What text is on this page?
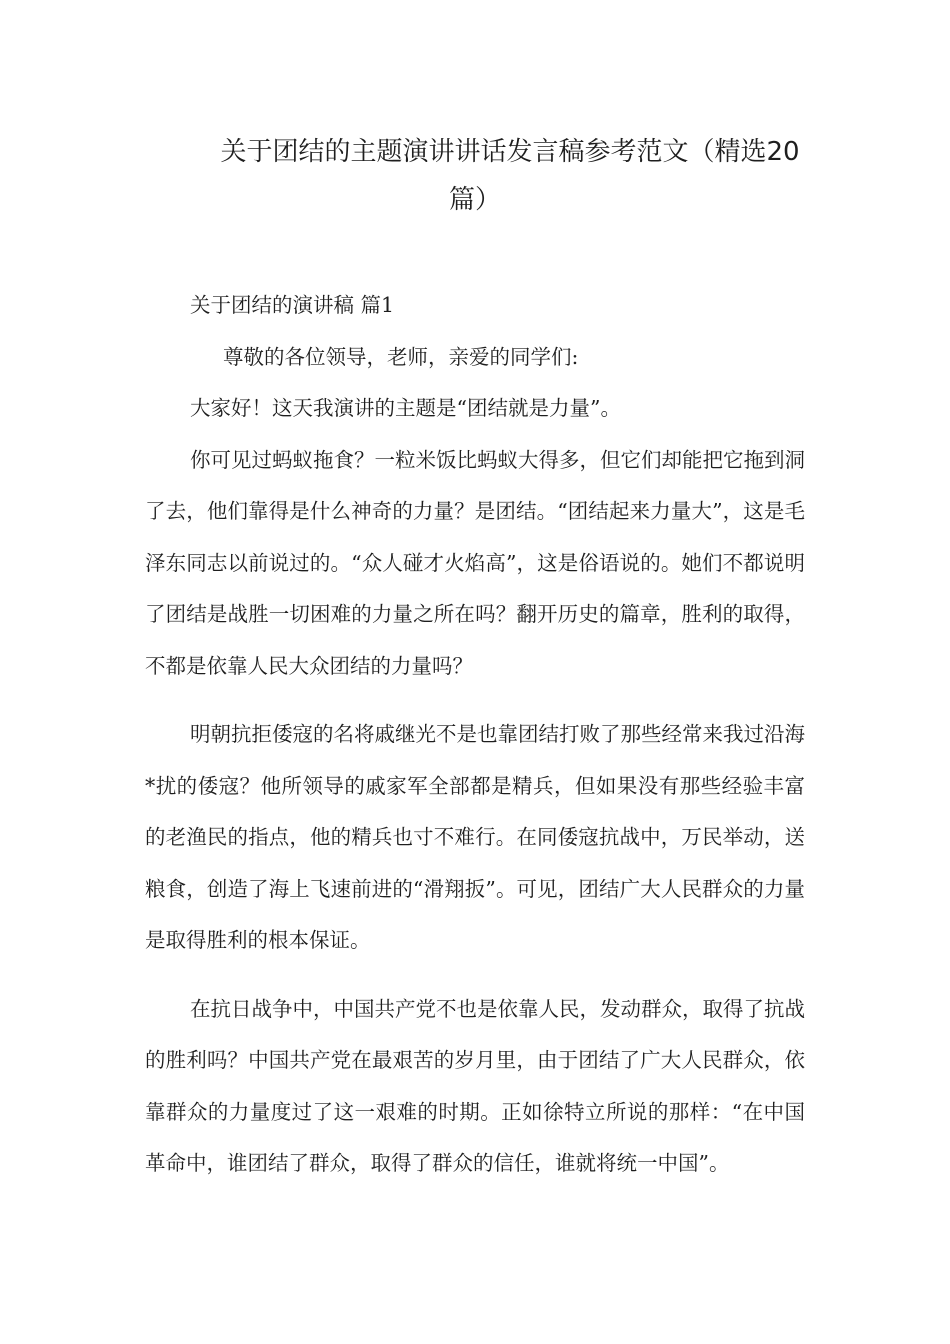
关于团结的主题演讲讲话发言稿参考范文（精选20
篇）

关于团结的演讲稿 篇1

尊敬的各位领导，老师，亲爱的同学们:

大家好！这天我演讲的主题是“团结就是力量”。

你可见过蚂蚁拖食？一粒米饭比蚂蚁大得多，但它们却能把它拖到洞了去，他们靠得是什么神奇的力量？是团结。“团结起来力量大”，这是毛泽东同志以前说过的。“众人碰才火焰高”，这是俗语说的。她们不都说明了团结是战胜一切困难的力量之所在吗？翻开历史的篇章，胜利的取得，不都是依靠人民大众团结的力量吗？

明朝抗拒倭寇的名将戚继光不是也靠团结打败了那些经常来我过沿海*扰的倭寇？他所领导的戚家军全部都是精兵，但如果没有那些经验丰富的老渔民的指点，他的精兵也寸不难行。在同倭寇抗战中，万民举动，送粮食，创造了海上飞速前进的“滑翔扳”。可见，团结广大人民群众的力量是取得胜利的根本保证。

在抗日战争中，中国共产党不也是依靠人民，发动群众，取得了抗战的胜利吗？中国共产党在最艰苦的岁月里，由于团结了广大人民群众，依靠群众的力量度过了这一艰难的时期。正如徐特立所说的那样：“在中国革命中，谁团结了群众，取得了群众的信任，谁就将统一中国”。
